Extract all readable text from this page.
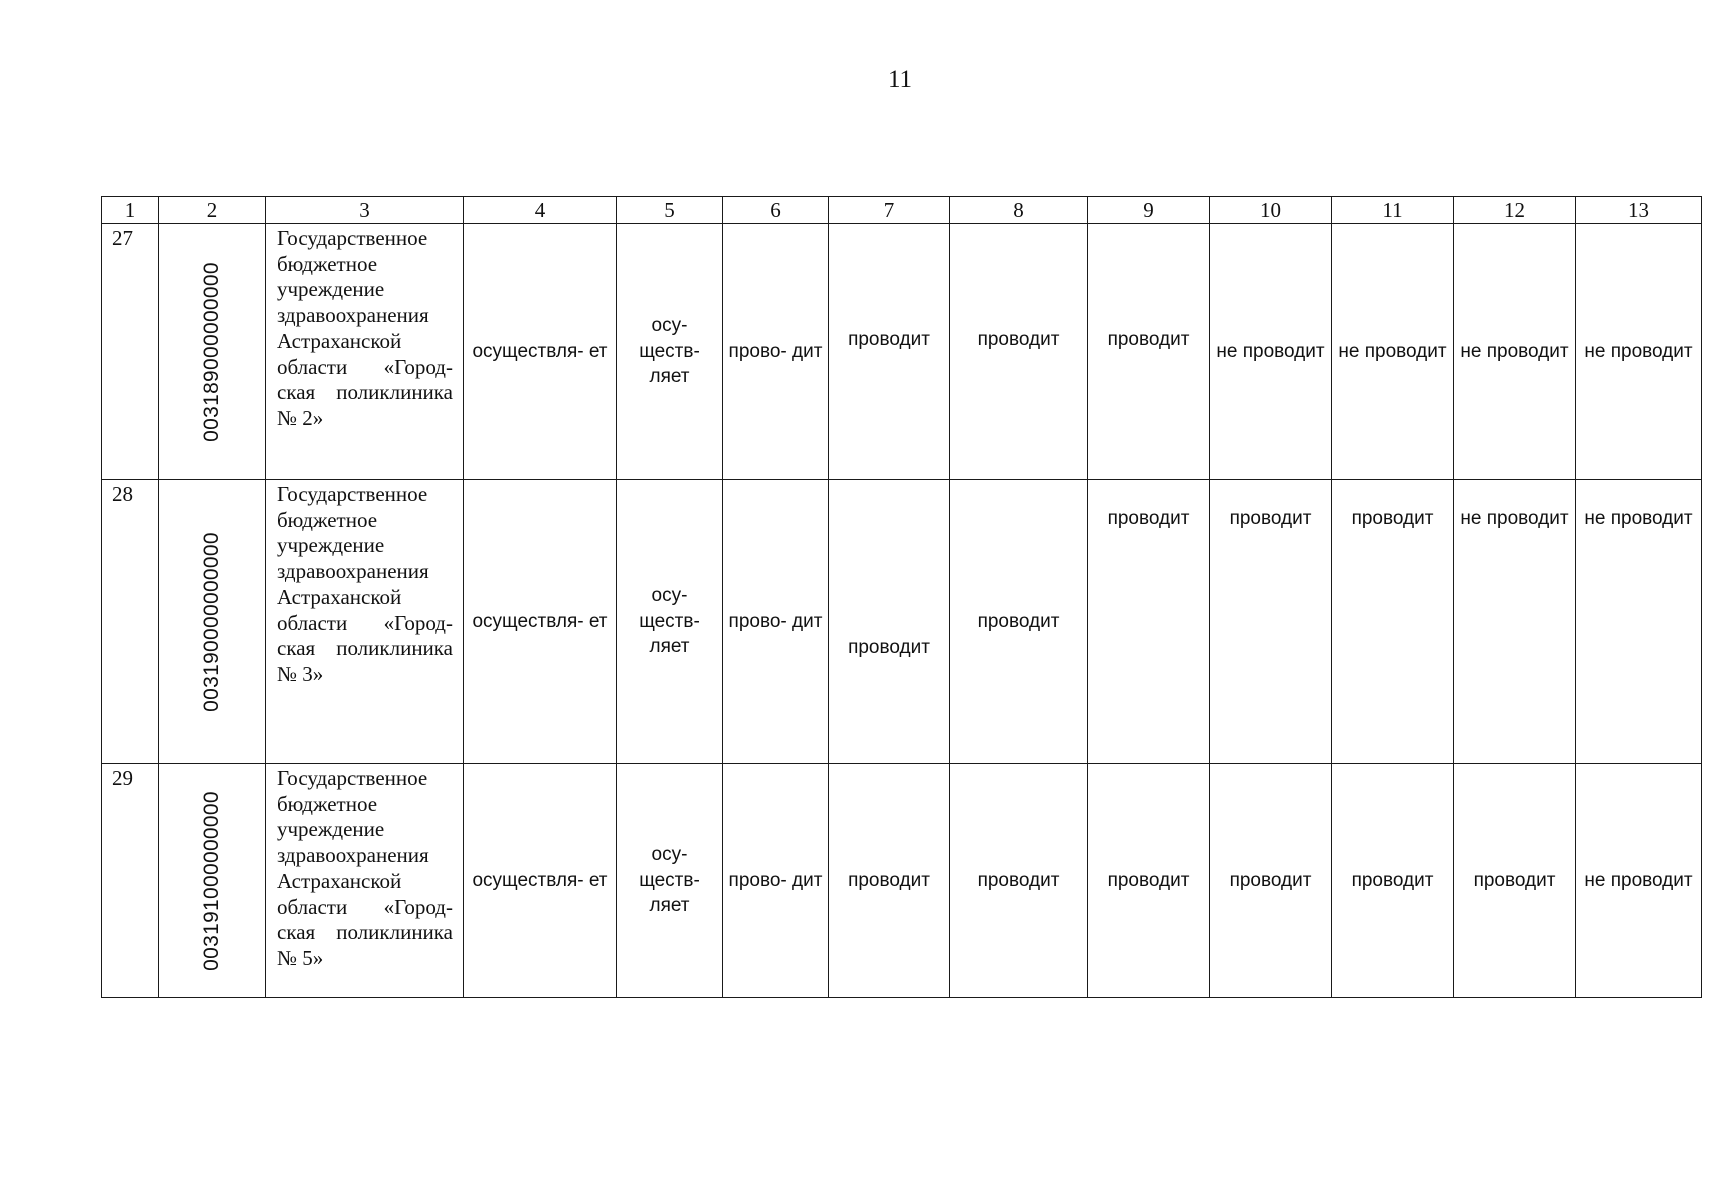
11
1	2	3	4	5	6	7	8	9	10	11	12	13
27	003189000000000	Государственное бюджетное учреждение здравоохранения Астраханской области «Город- ская поликлиника № 2»	осуществля- ет	осу- ществ- ляет	прово- дит	проводит	проводит	проводит	не проводит	не проводит	не проводит	не проводит
28	003190000000000	Государственное бюджетное учреждение здравоохранения Астраханской области «Город- ская поликлиника № 3»	осуществля- ет	осу- ществ- ляет	прово- дит	проводит	проводит	проводит	проводит	проводит	не проводит	не проводит
29	003191000000000	Государственное бюджетное учреждение здравоохранения Астраханской области «Город- ская поликлиника № 5»	осуществля- ет	осу- ществ- ляет	прово- дит	проводит	проводит	проводит	проводит	проводит	проводит	не проводит
